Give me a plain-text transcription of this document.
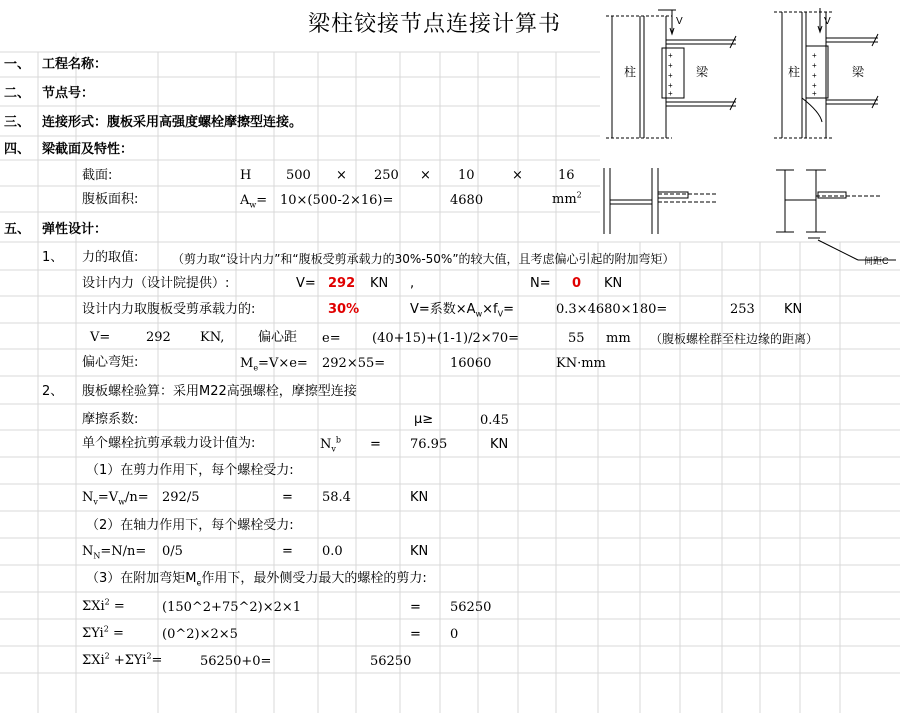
梁柱铰接节点连接计算书
一、 工程名称：
二、 节点号：
三、 连接形式：腹板采用高强度螺栓摩擦型连接。
四、 梁截面及特性：
截面:	H	500 × 250 × 10	×	16
腹板面积:	$A_w= 10\times(500-2\times 16)=$	4680	$mm^2$
五、 弹性设计：
1、 力的取值:	（剪力取“设计内力”和“腹板受剪承载力的30%-50%”的较大值，且考虑偏心引起的附加弯矩）
设计内力（设计院提供）:	V= 292 KN ,	N= 0 KN
设计内力取腹板受剪承载力的:	30%	V=系数$\times A_w\times f_V=$	0.3×4680×180=	253 KN
V=	292 KN,	偏心距 e= (40+15)+(1-1)/2×70=	55 mm （腹板螺栓群至柱边缘的距离）
偏心弯矩:	$M_e=V\times e= 292\times 55=$	16060	KN·mm
2、 腹板螺栓验算：采用M22高强螺栓，摩擦型连接
摩擦系数:	μ≥	0.45
单个螺栓抗剪承载力设计值为:	$N_v^b = 76.95$	KN
（1）在剪力作用下，每个螺栓受力:
$N_v=V_w/n= 292/5$	= 58.4	KN
（2）在轴力作用下，每个螺栓受力:
$N_N=N/n= 0/5$	= 0.0	KN
（3）在附加弯矩$M_e$作用下，最外侧受力最大的螺栓的剪力:
ΣXi$^2$ =	(150^2+75^2)×2×1	= 56250
ΣYi$^2$ =	(0^2)×2×5	= 0
ΣXi$^2$ +ΣYi$^2$=	56250+0=	56250
柱	梁	柱	梁
V	V
间距C
+
+
+
+
+
+
+
+
+
+
